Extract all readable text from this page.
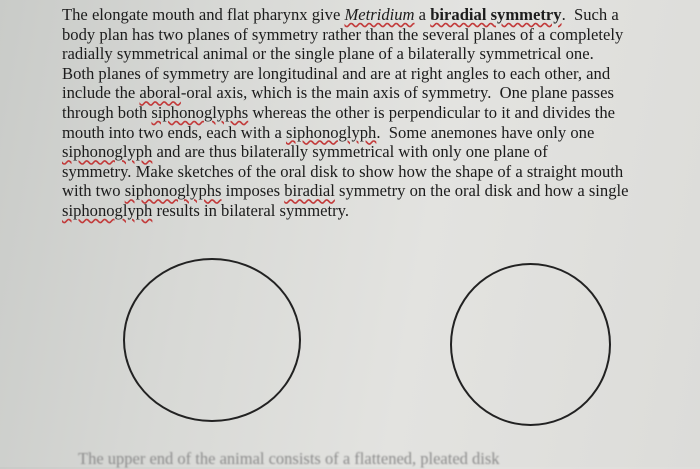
The elongate mouth and flat pharynx give Metridium a biradial symmetry.  Such a
body plan has two planes of symmetry rather than the several planes of a completely
radially symmetrical animal or the single plane of a bilaterally symmetrical one.
Both planes of symmetry are longitudinal and are at right angles to each other, and
include the aboral-oral axis, which is the main axis of symmetry.  One plane passes
through both siphonoglyphs whereas the other is perpendicular to it and divides the
mouth into two ends, each with a siphonoglyph.  Some anemones have only one
siphonoglyph and are thus bilaterally symmetrical with only one plane of
symmetry. Make sketches of the oral disk to show how the shape of a straight mouth
with two siphonoglyphs imposes biradial symmetry on the oral disk and how a single
siphonoglyph results in bilateral symmetry.
The upper end of the animal consists of a flattened, pleated disk
